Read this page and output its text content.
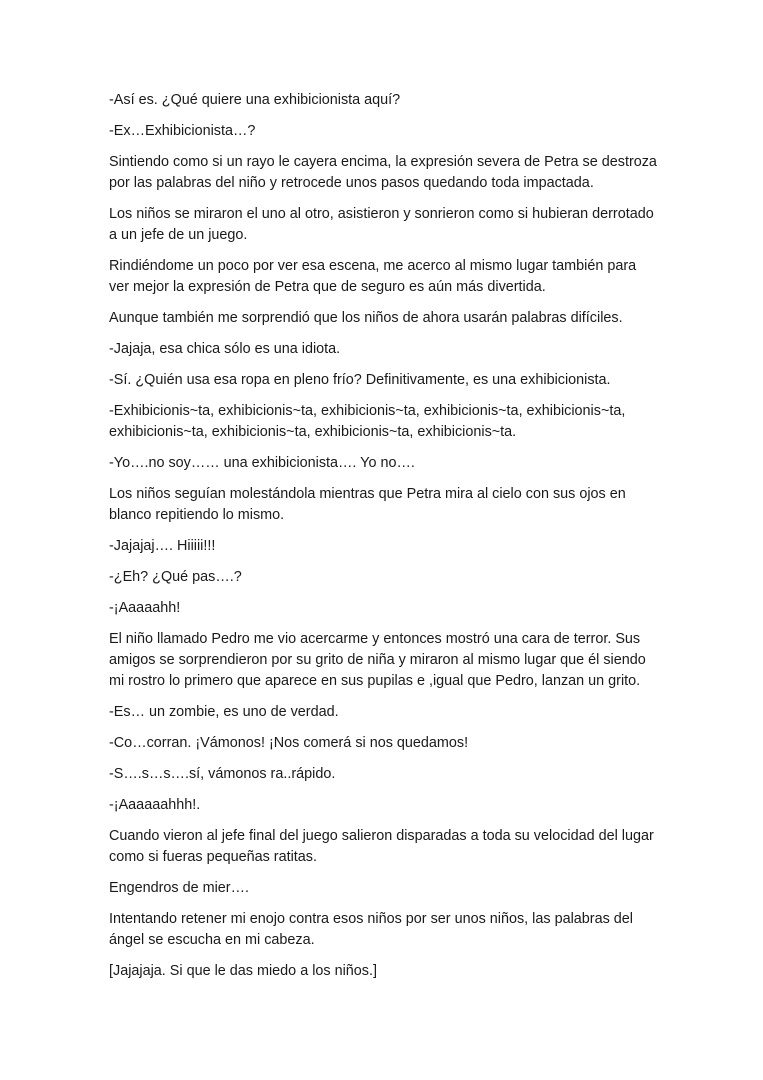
-Así es. ¿Qué quiere una exhibicionista aquí?

-Ex…Exhibicionista…?

Sintiendo como si un rayo le cayera encima, la expresión severa de Petra se destroza por las palabras del niño y retrocede unos pasos quedando toda impactada.

Los niños se miraron el uno al otro, asistieron y sonrieron como si hubieran derrotado a un jefe de un juego.

Rindiéndome un poco por ver esa escena, me acerco al mismo lugar también para ver mejor la expresión de Petra que de seguro es aún más divertida.

Aunque también me sorprendió que los niños de ahora usarán palabras difíciles.

-Jajaja, esa chica sólo es una idiota.

-Sí. ¿Quién usa esa ropa en pleno frío? Definitivamente, es una exhibicionista.

-Exhibicionis~ta, exhibicionis~ta, exhibicionis~ta, exhibicionis~ta, exhibicionis~ta, exhibicionis~ta, exhibicionis~ta, exhibicionis~ta, exhibicionis~ta.

-Yo….no soy…… una exhibicionista…. Yo no….

Los niños seguían molestándola mientras que Petra mira al cielo con sus ojos en blanco repitiendo lo mismo.

-Jajajaj…. Hiiiii!!!

-¿Eh? ¿Qué pas….?

-¡Aaaaahh!

El niño llamado Pedro me vio acercarme y entonces mostró una cara de terror. Sus amigos se sorprendieron por su grito de niña y miraron al mismo lugar que él siendo mi rostro lo primero que aparece en sus pupilas e ,igual que Pedro, lanzan un grito.

-Es… un zombie, es uno de verdad.

-Co…corran. ¡Vámonos! ¡Nos comerá si nos quedamos!

-S….s…s….sí, vámonos ra..rápido.

-¡Aaaaaahhh!.

Cuando vieron al jefe final del juego salieron disparadas a toda su velocidad del lugar como si fueras pequeñas ratitas.

Engendros de mier….

Intentando retener mi enojo contra esos niños por ser unos niños, las palabras del ángel se escucha en mi cabeza.

[Jajajaja. Si que le das miedo a los niños.]
